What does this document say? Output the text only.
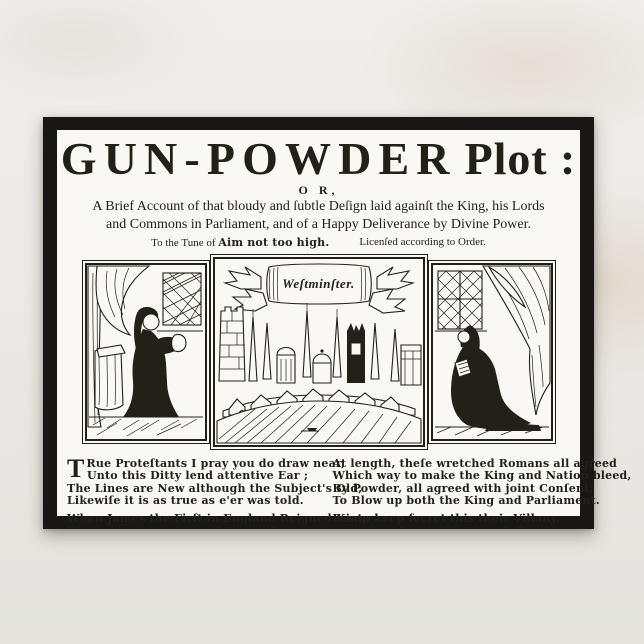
GUN-POWDER Plot :
O R,
A Brief Account of that bloudy and ſubtle Deſign laid againſt the King, his Lords
and Commons in Parliament, and of a Happy Deliverance by Divine Power.
To the Tune of Aim not too high.	Licenſed according to Order.
Weſtminſter.
T Rue Proteſtants I pray you do draw near,
Unto this Ditty lend attentive Ear ;
The Lines are New although the Subject's Old,
Likewiſe it is as true as e'er was told.
When James the Firſt in England Reigned King,
At length, theſe wretched Romans all agreed
Which way to make the King and Nation bleed,
By Powder, all agreed with joint Conſent,
To Blow up both the King and Parliament.
For to keep ſecret this their Villany,
